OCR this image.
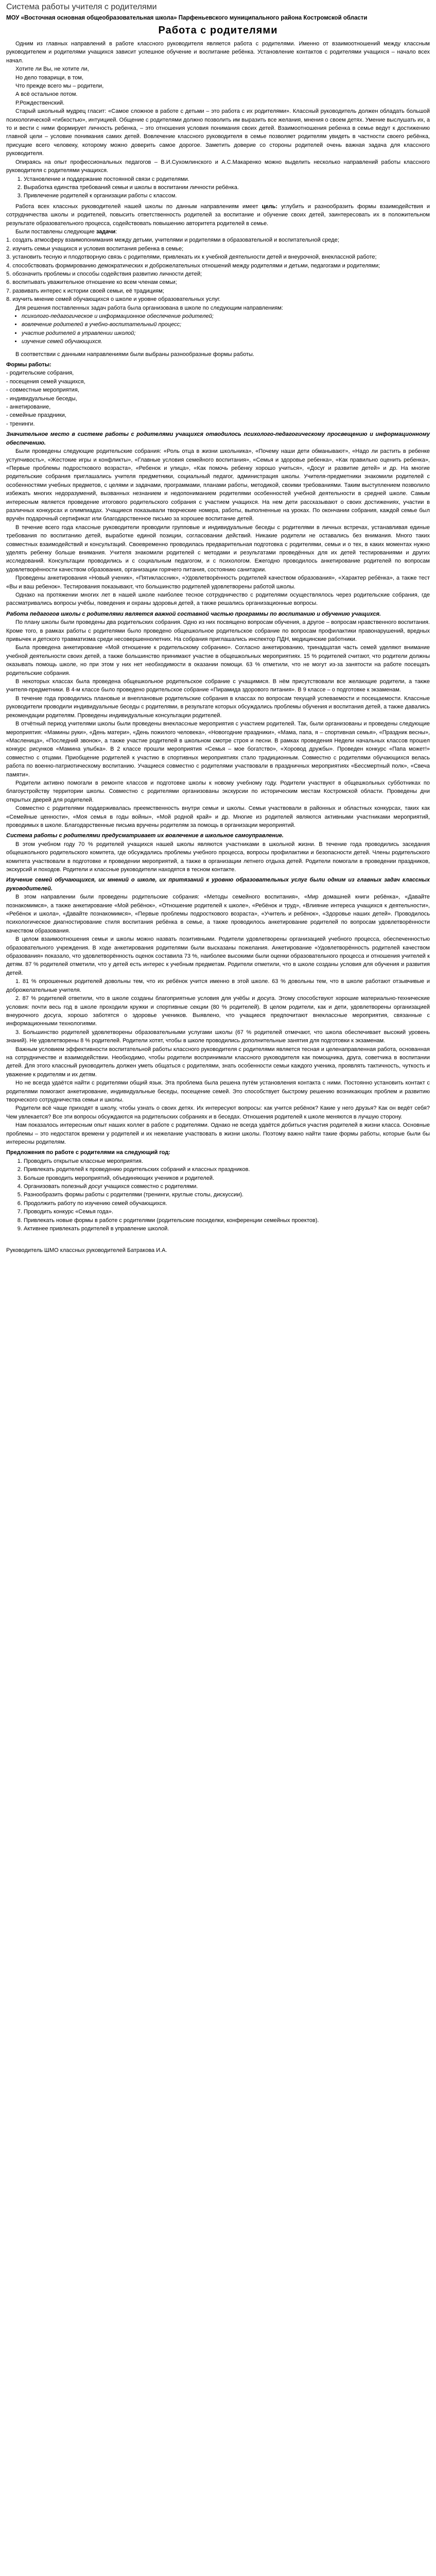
Система работы учителя с родителями

МОУ «Восточная основная общеобразовательная школа» Парфеньевского муниципального района Костромской области

Работа с родителями

Одним из главных направлений в работе классного руководителя является работа с родителями. Именно от взаимоотношений между классным руководителем и родителями учащихся зависит успешное обучение и воспитание ребёнка. Установление контактов с родителями учащихся – начало всех начал.

Хотите ли Вы, не хотите ли,

Но дело товарищи, в том,

Что прежде всего мы – родители,

А всё остальное потом.

Р.Рождественский.

Старый школьный мудрец гласит: «Самое сложное в работе с детьми – это работа с их родителями». Классный руководитель должен обладать большой психологической «гибкостью», интуицией. Общение с родителями должно позволить им выразить все желания, мнения о своем детях. Умение выслушать их, а то и вести с ними формирует личность ребенка, – это отношения условия понимания своих детей. Взаимоотношения ребенка в семье ведут к достижению главной цели – условие понимания самих детей. Вовлечение классного руководителя в семье позволяет родителям увидеть в частности своего ребёнка, присущие всего человеку, которому можно доверить самое дорогое. Заметить доверие со стороны родителей очень важная задача для классного руководителя.

Опираясь на опыт профессиональных педагогов – В.И.Сухомлинского и А.С.Макаренко можно выделить несколько направлений работы классного руководителя с родителями учащихся.

1. Установление и поддержание постоянной связи с родителями.
2. Выработка единства требований семьи и школы в воспитании личности ребёнка.
3. Привлечение родителей к организации работы с классом.

Работа всех классных руководителей нашей школы по данным направлениям имеет цель: углубить и разнообразить формы взаимодействия и сотрудничества школы и родителей, повысить ответственность родителей за воспитание и обучение своих детей, заинтересовать их в положительном результате образовательного процесса, содействовать повышению авторитета родителей в семье.

Были поставлены следующие задачи:

1. создать атмосферу взаимопонимания между детьми, учителями и родителями в образовательной и воспитательной среде;

2. изучить семьи учащихся и условия воспитания ребенка в семье;

3. установить тесную и плодотворную связь с родителями, привлекать их к учебной деятельности детей и внеурочной, внеклассной работе;

4. способствовать формированию демократических и доброжелательных отношений между родителями и детьми, педагогами и родителями;

5. обозначить проблемы и способы содействия развитию личности детей;

6. воспитывать уважительное отношение ко всем членам семьи;

7. развивать интерес к истории своей семьи, её традициям;

8. изучить мнение семей обучающихся о школе и уровне образовательных услуг.

Для решения поставленных задач работа была организована в школе по следующим направлениям:

• психолого-педагогическое и информационное обеспечение родителей;
• вовлечение родителей в учебно-воспитательный процесс;
• участие родителей в управлении школой;
• изучение семей обучающихся.

В соответствии с данными направлениями были выбраны разнообразные формы работы.

Формы работы:

- родительские собрания,

- посещения семей учащихся,

- совместные мероприятия,

- индивидуальные беседы,

- анкетирование,

- семейные праздники,

- тренинги.

Значительное место в системе работы с родителями учащихся отводилось психолого-педагогическому просвещению и информационному обеспечению.

Были проведены следующие родительские собрания: «Роль отца в жизни школьника», «Почему наши дети обманывают», «Надо ли растить в ребенке уступчивость», «Жестокие игры и конфликты», «Главные условия семейного воспитания», «Семья и здоровье ребенка», «Как правильно оценить ребенка», «Первые проблемы подросткового возраста», «Ребенок и улица», «Как помочь ребенку хорошо учиться», «Досуг и развитие детей» и др. На многие родительские собрания приглашались учителя предметники, социальный педагог, администрация школы. Учителя-предметники знакомили родителей с особенностями учебных предметов, с целями и задачами, программами, планами работы, методикой, своими требованиями. Таким выступлением позволило избежать многих недоразумений, вызванных незнанием и недопониманием родителями особенностей учебной деятельности в средней школе. Самым интересным является проведение итогового родительского собрания с участием учащихся. На нем дети рассказывают о своих достижениях, участии в различных конкурсах и олимпиадах. Учащиеся показывали творческие номера, работы, выполненные на уроках. По окончании собрания, каждой семье был вручён подарочный сертификат или благодарственное письмо за хорошее воспитание детей.

В течение всего года классные руководители проводили групповые и индивидуальные беседы с родителями в личных встречах, устанавливая единые требования по воспитанию детей, выработке единой позиции, согласовании действий. Никакие родители не оставались без внимания. Много таких совместных взаимодействий и консультаций. Своевременно проводилась предварительная подготовка с родителями, семьи и о тех, в каких моментах нужно уделять ребенку больше внимания. Учителя знакомили родителей с методами и результатами проведённых для их детей тестированиями и других исследований. Консультации проводились и с социальным педагогом, и с психологом. Ежегодно проводилось анкетирование родителей по вопросам удовлетворённости качеством образования, организации горячего питания, состоянию санитарии.

Проведены анкетирования «Новый ученик», «Пятиклассник», «Удовлетворённость родителей качеством образования», «Характер ребёнка», а также тест «Вы и ваш ребенок». Тестирования показывают, что большинство родителей удовлетворены работой школы.

Однако на протяжении многих лет в нашей школе наиболее тесное сотрудничество с родителями осуществлялось через родительские собрания, где рассматривались вопросы учёбы, поведения и охраны здоровья детей, а также решались организационные вопросы.

Работа педагогов школы с родителями является важной составной частью программы по воспитанию и обучению учащихся.

По плану школы были проведены два родительских собрания. Одно из них посвящено вопросам обучения, а другое – вопросам нравственного воспитания. Кроме того, в рамках работы с родителями было проведено общешкольное родительское собрание по вопросам профилактики правонарушений, вредных привычек и детского травматизма среди несовершеннолетних. На собрания приглашались инспектор ПДН, медицинские работники.

Была проведена анкетирование «Мой отношение к родительскому собранию». Согласно анкетированию, тринадцатая часть семей уделяют внимание учебной деятельности своих детей, а также большинство принимают участие в общешкольных мероприятиях. 15 % родителей считают, что родители должны оказывать помощь школе, но при этом у них нет необходимости в оказании помощи. 63 % отметили, что не могут из-за занятости на работе посещать родительские собрания.

В некоторых классах была проведена общешкольное родительское собрание с учащимися. В нём присутствовали все желающие родители, а также учителя-предметники. В 4-м классе было проведено родительское собрание «Пирамида здорового питания». В 9 классе – о подготовке к экзаменам.

В течение года проводились плановые и внеплановые родительские собрания в классах по вопросам текущей успеваемости и посещаемости. Классные руководители проводили индивидуальные беседы с родителями, в результате которых обсуждались проблемы обучения и воспитания детей, а также давались рекомендации родителям. Проведены индивидуальные консультации родителей.

В отчётный период учителями школы были проведены внеклассные мероприятия с участием родителей. Так, были организованы и проведены следующие мероприятия: «Мамины руки», «День матери», «День пожилого человека», «Новогодние праздники», «Мама, папа, я – спортивная семья», «Праздник весны», «Масленица», «Последний звонок», а также участие родителей в школьном смотре строя и песни. В рамках проведения Недели начальных классов прошел конкурс рисунков «Мамина улыбка». В 2 классе прошли мероприятия «Семья – мое богатство», «Хоровод дружбы». Проведен конкурс «Папа может!» совместно с отцами. Приобщение родителей к участию в спортивных мероприятиях стало традиционным. Совместно с родителями обучающихся велась работа по военно-патриотическому воспитанию. Учащиеся совместно с родителями участвовали в праздничных мероприятиях «Бессмертный полк», «Свеча памяти».

Родители активно помогали в ремонте классов и подготовке школы к новому учебному году. Родители участвуют в общешкольных субботниках по благоустройству территории школы. Совместно с родителями организованы экскурсии по историческим местам Костромской области. Проведены дни открытых дверей для родителей.

Совместно с родителями поддерживалась преемственность внутри семьи и школы. Семьи участвовали в районных и областных конкурсах, таких как «Семейные ценности», «Моя семья в годы войны», «Мой родной край» и др. Многие из родителей являются активными участниками мероприятий, проводимых в школе. Благодарственные письма вручены родителям за помощь в организации мероприятий.

Система работы с родителями предусматривает их вовлечение в школьное самоуправление.

В этом учебном году 70 % родителей учащихся нашей школы являются участниками в школьной жизни. В течение года проводились заседания общешкольного родительского комитета, где обсуждались проблемы учебного процесса, вопросы профилактики и безопасности детей. Члены родительского комитета участвовали в подготовке и проведении мероприятий, а также в организации летнего отдыха детей. Родители помогали в проведении праздников, экскурсий и походов. Родители и классные руководители находятся в тесном контакте.

Изучение семей обучающихся, их мнений о школе, их притязаний к уровню образовательных услуг были одним из главных задач классных руководителей.

В этом направлении были проведены родительские собрания: «Методы семейного воспитания», «Мир домашней книги ребёнка», «Давайте познакомимся», а также анкетирование «Мой ребёнок», «Отношение родителей к школе», «Ребёнок и труд», «Влияние интереса учащихся к деятельности», «Ребёнок и школа», «Давайте познакомимся», «Первые проблемы подросткового возраста», «Учитель и ребёнок», «Здоровье наших детей». Проводилось психологическое диагностирование стиля воспитания ребёнка в семье, а также проводилось анкетирование родителей по вопросам удовлетворённости качеством образования.

В целом взаимоотношения семьи и школы можно назвать позитивными. Родители удовлетворены организацией учебного процесса, обеспеченностью образовательного учреждения. В ходе анкетирования родителями были высказаны пожелания. Анкетирование «Удовлетворённость родителей качеством образования» показало, что удовлетворённость оценок составила 73 %, наиболее высокими были оценки образовательного процесса и отношения учителей к детям. 87 % родителей отметили, что у детей есть интерес к учебным предметам. Родители отметили, что в школе созданы условия для обучения и развития детей.

1. 81 % опрошенных родителей довольны тем, что их ребёнок учится именно в этой школе. 63 % довольны тем, что в школе работают отзывчивые и доброжелательные учителя.

2. 87 % родителей ответили, что в школе созданы благоприятные условия для учёбы и досуга. Этому способствуют хорошие материально-технические условия: почти весь год в школе проходили кружки и спортивные секции (80 % родителей). В целом родители, как и дети, удовлетворены организацией внеурочного досуга, хорошо заботятся о здоровье учеников. Выявлено, что учащиеся предпочитают внеклассные мероприятия, связанные с информационными технологиями.

3. Большинство родителей удовлетворены образовательными услугами школы (67 % родителей отмечают, что школа обеспечивает высокий уровень знаний). Не удовлетворены 8 % родителей. Родители хотят, чтобы в школе проводились дополнительные занятия для подготовки к экзаменам.

Важным условием эффективности воспитательной работы классного руководителя с родителями является тесная и целенаправленная работа, основанная на сотрудничестве и взаимодействии. Необходимо, чтобы родители воспринимали классного руководителя как помощника, друга, советчика в воспитании детей. Для этого классный руководитель должен уметь общаться с родителями, знать особенности семьи каждого ученика, проявлять тактичность, чуткость и уважение к родителям и их детям.

Но не всегда удаётся найти с родителями общий язык. Эта проблема была решена путём установления контакта с ними. Постоянно установить контакт с родителями помогают анкетирование, индивидуальные беседы, посещение семей. Это способствует быстрому решению возникающих проблем и развитию творческого сотрудничества семьи и школы.

Родители всё чаще приходят в школу, чтобы узнать о своих детях. Их интересуют вопросы: как учится ребёнок? Какие у него друзья? Как он ведёт себя? Чем увлекается? Все эти вопросы обсуждаются на родительских собраниях и в беседах. Отношения родителей к школе меняются в лучшую сторону.

Нам показалось интересным опыт наших коллег в работе с родителями. Однако не всегда удаётся добиться участия родителей в жизни класса. Основные проблемы – это недостаток времени у родителей и их нежелание участвовать в жизни школы. Поэтому важно найти такие формы работы, которые были бы интересны родителям.

Предложения по работе с родителями на следующий год:

1. Проводить открытые классные мероприятия.
2. Привлекать родителей к проведению родительских собраний и классных праздников.
3. Больше проводить мероприятий, объединяющих учеников и родителей.
4. Организовать полезный досуг учащихся совместно с родителями.
5. Разнообразить формы работы с родителями (тренинги, круглые столы, дискуссии).
6. Продолжить работу по изучению семей обучающихся.
7. Проводить конкурс «Семья года».
8. Привлекать новые формы в работе с родителями (родительские посиделки, конференции семейных проектов).
9. Активнее привлекать родителей в управление школой.

Руководитель ШМО классных руководителей Батракова И.А.
